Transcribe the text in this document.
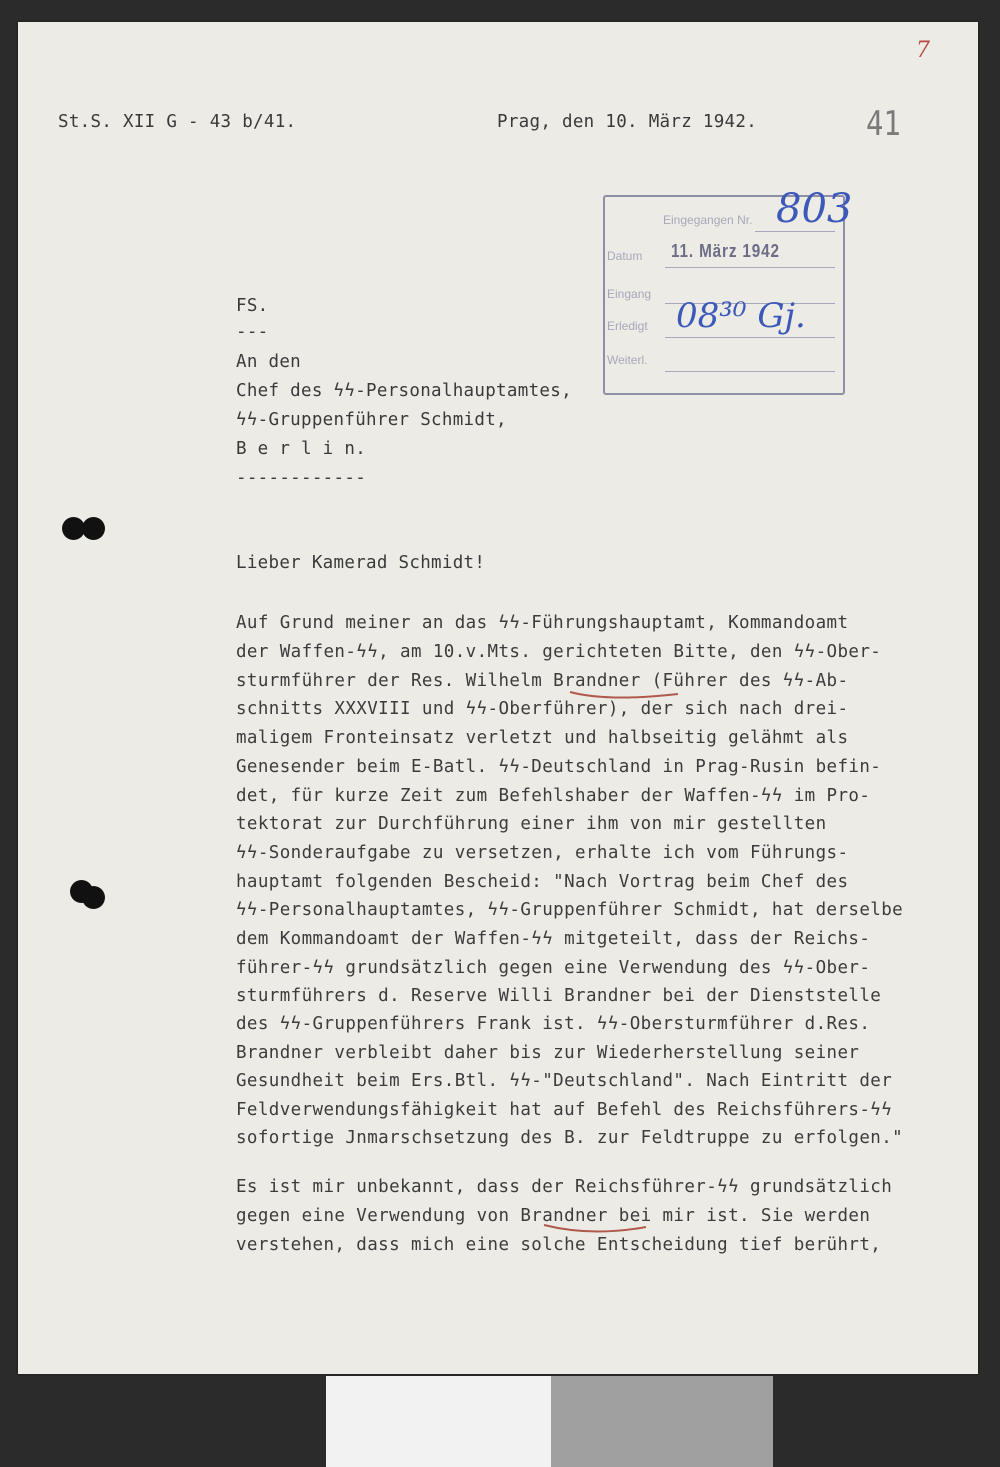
7
St.S. XII G - 43 b/41.	Prag, den 10. März 1942.	41
Eingegangen Nr.
Datum
Eingang
Erledigt
Weiterl.
11. März 1942
803
08³⁰ Gj.
FS.
---
An den
Chef des ϟϟ-Personalhauptamtes,
ϟϟ-Gruppenführer Schmidt,
B e r l i n.
------------
Lieber Kamerad Schmidt!
Auf Grund meiner an das ϟϟ-Führungshauptamt, Kommandoamt
der Waffen-ϟϟ, am 10.v.Mts. gerichteten Bitte, den ϟϟ-Ober-
sturmführer der Res. Wilhelm Brandner (Führer des ϟϟ-Ab-
schnitts XXXVIII und ϟϟ-Oberführer), der sich nach drei-
maligem Fronteinsatz verletzt und halbseitig gelähmt als
Genesender beim E-Batl. ϟϟ-Deutschland in Prag-Rusin befin-
det, für kurze Zeit zum Befehlshaber der Waffen-ϟϟ im Pro-
tektorat zur Durchführung einer ihm von mir gestellten
ϟϟ-Sonderaufgabe zu versetzen, erhalte ich vom Führungs-
hauptamt folgenden Bescheid: "Nach Vortrag beim Chef des
ϟϟ-Personalhauptamtes, ϟϟ-Gruppenführer Schmidt, hat derselbe
dem Kommandoamt der Waffen-ϟϟ mitgeteilt, dass der Reichs-
führer-ϟϟ grundsätzlich gegen eine Verwendung des ϟϟ-Ober-
sturmführers d. Reserve Willi Brandner bei der Dienststelle
des ϟϟ-Gruppenführers Frank ist. ϟϟ-Obersturmführer d.Res.
Brandner verbleibt daher bis zur Wiederherstellung seiner
Gesundheit beim Ers.Btl. ϟϟ-"Deutschland". Nach Eintritt der
Feldverwendungsfähigkeit hat auf Befehl des Reichsführers-ϟϟ
sofortige Jnmarschsetzung des B. zur Feldtruppe zu erfolgen."
Es ist mir unbekannt, dass der Reichsführer-ϟϟ grundsätzlich
gegen eine Verwendung von Brandner bei mir ist. Sie werden
verstehen, dass mich eine solche Entscheidung tief berührt,
